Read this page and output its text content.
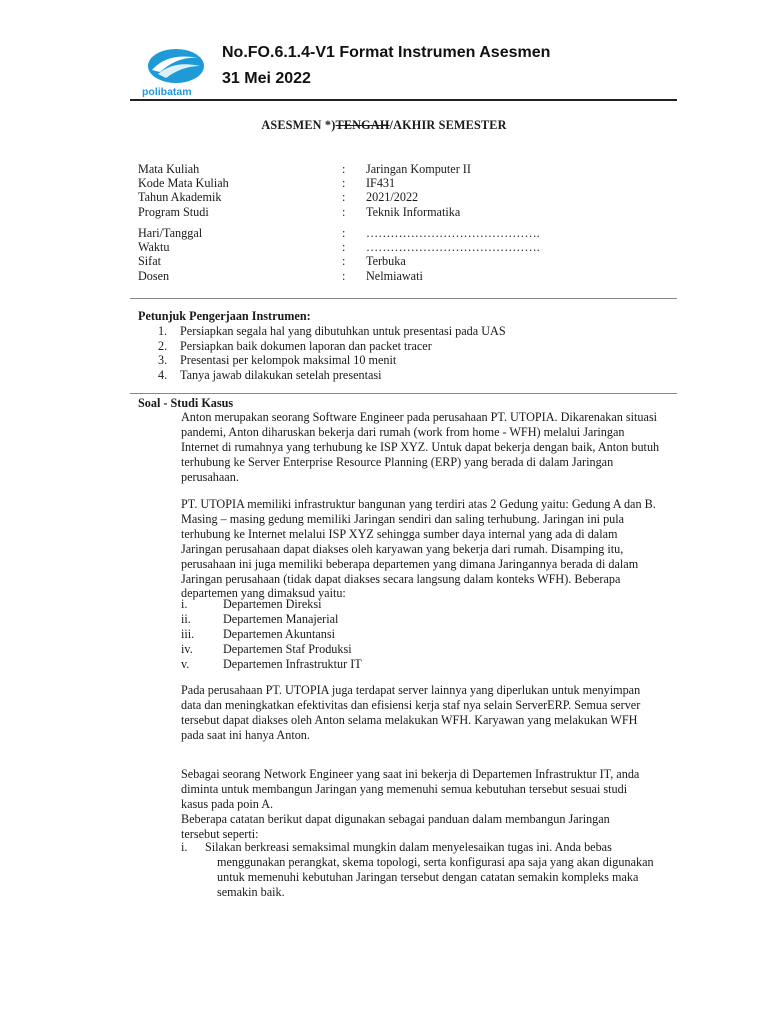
polibatam
No.FO.6.1.4-V1 Format Instrumen Asesmen
31 Mei 2022
ASESMEN *)TENGAH/AKHIR SEMESTER
Mata Kuliah	: Jaringan Komputer II
Kode Mata Kuliah	: IF431
Tahun Akademik	: 2021/2022
Program Studi	: Teknik Informatika
Hari/Tanggal	: …………………………………….
Waktu	: …………………………………….
Sifat	: Terbuka
Dosen	: Nelmiawati
Petunjuk Pengerjaan Instrumen:
1. Persiapkan segala hal yang dibutuhkan untuk presentasi pada UAS
2. Persiapkan baik dokumen laporan dan packet tracer
3. Presentasi per kelompok maksimal 10 menit
4. Tanya jawab dilakukan setelah presentasi
Soal - Studi Kasus
Anton merupakan seorang Software Engineer pada perusahaan PT. UTOPIA. Dikarenakan situasi
pandemi, Anton diharuskan bekerja dari rumah (work from home - WFH) melalui Jaringan
Internet di rumahnya yang terhubung ke ISP XYZ. Untuk dapat bekerja dengan baik, Anton butuh
terhubung ke Server Enterprise Resource Planning (ERP) yang berada di dalam Jaringan
perusahaan.
PT. UTOPIA memiliki infrastruktur bangunan yang terdiri atas 2 Gedung yaitu: Gedung A dan B.
Masing – masing gedung memiliki Jaringan sendiri dan saling terhubung. Jaringan ini pula
terhubung ke Internet melalui ISP XYZ sehingga sumber daya internal yang ada di dalam
Jaringan perusahaan dapat diakses oleh karyawan yang bekerja dari rumah. Disamping itu,
perusahaan ini juga memiliki beberapa departemen yang dimana Jaringannya berada di dalam
Jaringan perusahaan (tidak dapat diakses secara langsung dalam konteks WFH). Beberapa
departemen yang dimaksud yaitu:
i.	Departemen Direksi
ii.	Departemen Manajerial
iii. Departemen Akuntansi
iv. Departemen Staf Produksi
v.	Departemen Infrastruktur IT
Pada perusahaan PT. UTOPIA juga terdapat server lainnya yang diperlukan untuk menyimpan
data dan meningkatkan efektivitas dan efisiensi kerja staf nya selain ServerERP. Semua server
tersebut dapat diakses oleh Anton selama melakukan WFH. Karyawan yang melakukan WFH
pada saat ini hanya Anton.
Sebagai seorang Network Engineer yang saat ini bekerja di Departemen Infrastruktur IT, anda
diminta untuk membangun Jaringan yang memenuhi semua kebutuhan tersebut sesuai studi
kasus pada poin A.
Beberapa catatan berikut dapat digunakan sebagai panduan dalam membangun Jaringan
tersebut seperti:
i. Silakan berkreasi semaksimal mungkin dalam menyelesaikan tugas ini. Anda bebas
menggunakan perangkat, skema topologi, serta konfigurasi apa saja yang akan digunakan
untuk memenuhi kebutuhan Jaringan tersebut dengan catatan semakin kompleks maka
semakin baik.
